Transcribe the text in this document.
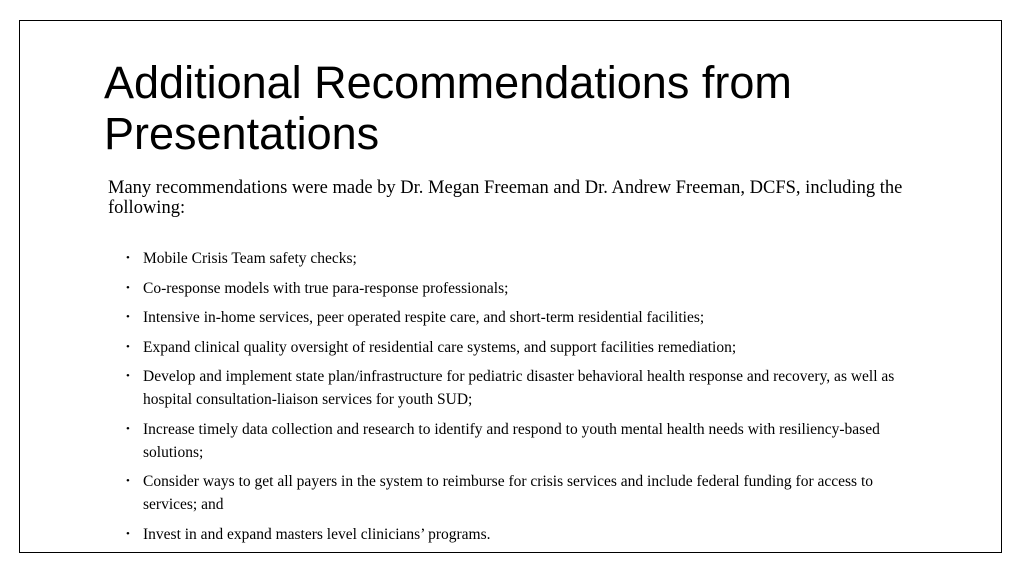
Additional Recommendations from Presentations

Many recommendations were made by Dr. Megan Freeman and Dr. Andrew Freeman, DCFS, including the following:

• Mobile Crisis Team safety checks;
• Co-response models with true para-response professionals;
• Intensive in-home services, peer operated respite care, and short-term residential facilities;
• Expand clinical quality oversight of residential care systems, and support facilities remediation;
• Develop and implement state plan/infrastructure for pediatric disaster behavioral health response and recovery, as well as hospital consultation-liaison services for youth SUD;
• Increase timely data collection and research to identify and respond to youth mental health needs with resiliency-based solutions;
• Consider ways to get all payers in the system to reimburse for crisis services and include federal funding for access to services; and
• Invest in and expand masters level clinicians’ programs.
